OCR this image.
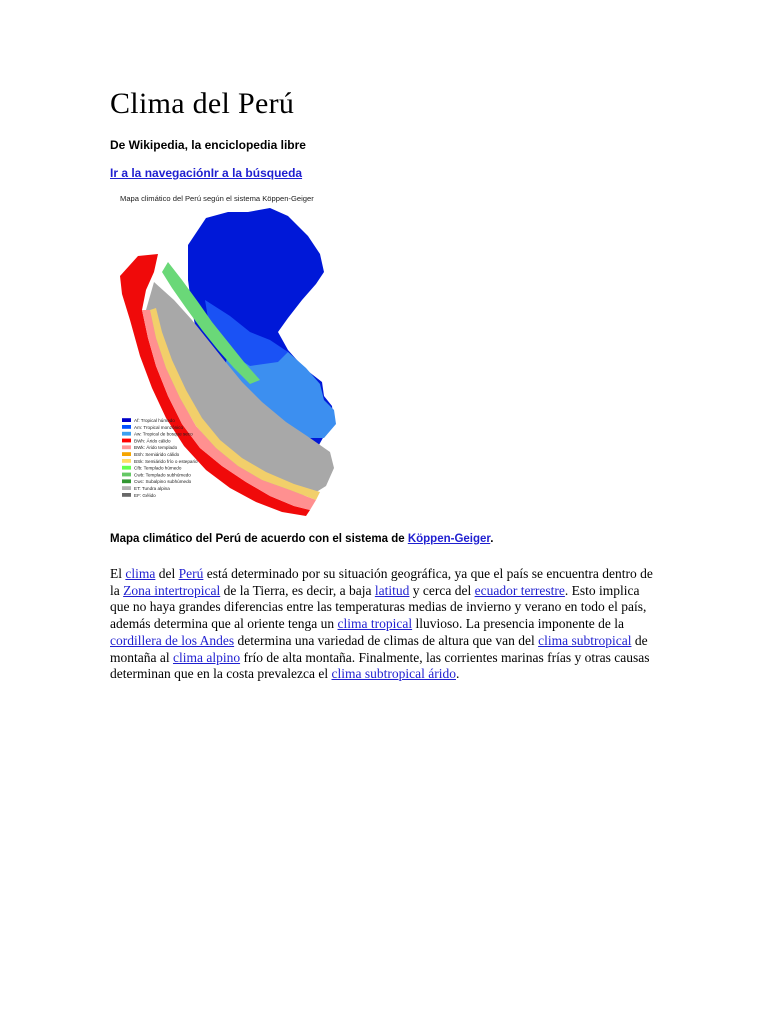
Clima del Perú

De Wikipedia, la enciclopedia libre

Ir a la navegaciónIr a la búsqueda

Mapa climático del Perú según el sistema Köppen-Geiger
Af: Tropical húmedo
Am: Tropical monzónico
Aw: Tropical de bosque seco
BWh: Árido cálido
BWk: Árido templado
BSh: Semiárido cálido
BSk: Semiárido frío o estepario
Cfb: Templado húmedo
Cwb: Templado subhúmedo
Cwc: Subalpino subhúmedo
ET: Tundra alpina
EF: Gélido

Mapa climático del Perú de acuerdo con el sistema de Köppen-Geiger.

El clima del Perú está determinado por su situación geográfica, ya que el país se encuentra dentro de la Zona intertropical de la Tierra, es decir, a baja latitud y cerca del ecuador terrestre. Esto implica que no haya grandes diferencias entre las temperaturas medias de invierno y verano en todo el país, además determina que al oriente tenga un clima tropical lluvioso. La presencia imponente de la cordillera de los Andes determina una variedad de climas de altura que van del clima subtropical de montaña al clima alpino frío de alta montaña. Finalmente, las corrientes marinas frías y otras causas determinan que en la costa prevalezca el clima subtropical árido.
